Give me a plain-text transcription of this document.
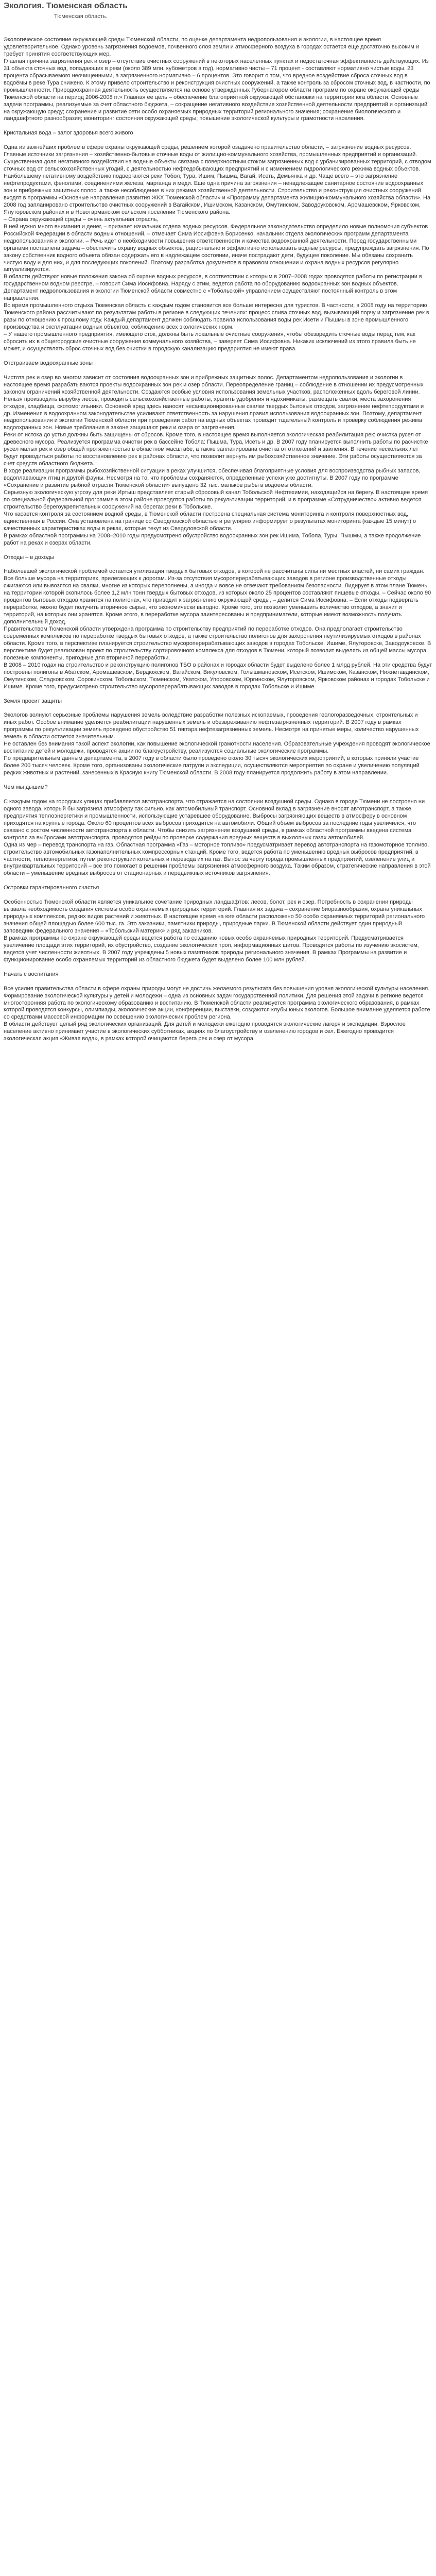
Экология. Тюменская область
Тюменская область.

Экологическое состояние окружающей среды Тюменской области, по оценке департамента недропользования и экологии, в настоящее время удовлетворительное. Однако уровень загрязнения водоемов, почвенного слоя земли и атмосферного воздуха в городах остается еще достаточно высоким и требует принятия соответствующих мер.
Главная причина загрязнения рек и озер – отсутствие очистных сооружений в некоторых населенных пунктах и недостаточная эффективность действующих. Из 31 объекта сточных вод, попадающих в реки (около 389 млн. кубометров в год), нормативно чисты – 71 процент - составляют нормативно чистые воды. 23 процента сбрасываемого неочищенными, а загрязненного нормативно – 6 процентов. Это говорит о том, что вредное воздействие сброса сточных вод в водоёмы в реке Тура снижено. К этому привело строительство и реконструкция очистных сооружений, а также контроль за сбросом сточных вод, в частности, по промышленности. Природоохранная деятельность осуществляется на основе утвержденных Губернатором области программ по охране окружающей среды Тюменской области на период 2006-2008 гг.» Главная ее цель – обеспечение благоприятной окружающей обстановки на территории юга области. Основные задачи программы, реализуемые за счет областного бюджета, – сокращение негативного воздействия хозяйственной деятельности предприятий и организаций на окружающую среду; сохранение и развитие сети особо охраняемых природных территорий регионального значения; сохранение биологического и ландшафтного разнообразия; мониторинг состояния окружающей среды; повышение экологической культуры и грамотности населения.

Кристальная вода – залог здоровья всего живого

Одна из важнейших проблем в сфере охраны окружающей среды, решением которой озадачено правительство области, – загрязнение водных ресурсов. Главные источники загрязнения – хозяйственно-бытовые сточные воды от жилищно-коммунального хозяйства, промышленных предприятий и организаций. Существенная доля негативного воздействия на водные объекты связана с поверхностным стоком загрязнённых вод с урбанизированных территорий, с отводом сточных вод от сельскохозяйственных угодий, с деятельностью нефтедобывающих предприятий и с изменением гидрологического режима водных объектов. Наибольшему негативному воздействию подвергаются реки Тобол, Тура, Ишим, Пышма, Вагай, Исеть, Демьянка и др. Чаще всего – это загрязнение нефтепродуктами, фенолами, соединениями железа, марганца и меди. Еще одна причина загрязнения – ненадлежащее санитарное состояние водоохранных зон и прибрежных защитных полос, а также несоблюдение в них режима хозяйственной деятельности. Строительство и реконструкция очистных сооружений входят в программы «Основные направления развития ЖКХ Тюменской области» и «Программу департамента жилищно-коммунального хозяйства области». На 2008 год запланировано строительство очистных сооружений в Вагайском, Ишимском, Казанском, Омутинском, Заводоуковском, Аромашевском, Ярковском, Ялуторовском районах и в Новотарманском сельском поселении Тюменского района.
– Охрана окружающей среды – очень актуальная отрасль,
В ней нужно много внимания и денег, – признает начальник отдела водных ресурсов. Федеральное законодательство определило новые полномочия субъектов Российской Федерации в области водных отношений, – отмечает Сима Иосифовна Борисенко, начальник отдела экологических программ департамента недропользования и экологии. – Речь идет о необходимости повышения ответственности и качества водоохранной деятельности. Перед государственными органами поставлена задача – обеспечить охрану водных объектов, рационально и эффективно использовать водные ресурсы, предупреждать загрязнения. По закону собственник водного объекта обязан содержать его в надлежащем состоянии, иначе пострадают дети, будущее поколение. Мы обязаны сохранить чистую воду и для них, и для последующих поколений. Поэтому разработка документов в правовом отношении и охрана водных ресурсов регулярно актуализируются.
В области действуют новые положения закона об охране водных ресурсов, в соответствии с которым в 2007–2008 годах проводятся работы по регистрации в государственном водном реестре, – говорит Сима Иосифовна. Наряду с этим, ведется работа по оборудованию водоохранных зон водных объектов. Департамент недропользования и экологии Тюменской области совместно с «Тобольской» управлением осуществляют постоянный контроль в этом направлении.
Во время промышленного отдыха Тюменская область с каждым годом становится все больше интересна для туристов. В частности, в 2008 году на территорию Тюменского района рассчитывают по результатам работы в регионе в следующих течениях: процесс слива сточных вод, вызывающий порчу и загрязнение рек в разы по отношению к прошлому году. Каждый департамент должен соблюдать правила использования воды рек Исети и Пышмы в зоне промышленного производства и эксплуатации водных объектов, соблюдению всех экологических норм.
– У нашего промышленного предприятия, имеющего сток, должны быть локальные очистные сооружения, чтобы обезвредить сточные воды перед тем, как сбросить их в общегородские очистные сооружения коммунального хозяйства, – заверяет Сима Иосифовна. Никаких исключений из этого правила быть не может, и осуществлять сброс сточных вод без очистки в городскую канализацию предприятия не имеют права.

Отстраиваем водоохранные зоны

Чистота рек и озер во многом зависит от состояния водоохранных зон и прибрежных защитных полос. Департаментом недропользования и экологии в настоящее время разрабатываются проекты водоохранных зон рек и озер области. Переопределение границ – соблюдение в отношении их предусмотренных законом ограничений хозяйственной деятельности. Создаются особые условия использования земельных участков, расположенных вдоль береговой линии. Нельзя производить вырубку лесов, проводить сельскохозяйственные работы, хранить удобрения и ядохимикаты, размещать свалки, места захоронения отходов, кладбища, скотомогильники. Основной вред здесь наносят несанкционированные свалки твердых бытовых отходов, загрязнение нефтепродуктами и др. Изменения в водоохранном законодательстве усиливают ответственность за нарушения правил использования водоохранных зон. Поэтому, департамент недропользования и экологии Тюменской области при проведении работ на водных объектах проводит тщательный контроль и проверку соблюдения режима водоохранных зон. Новые требования в законе защищают реки и озера от загрязнения.
Реки от истока до устья должны быть защищены от сбросов. Кроме того, в настоящее время выполняется экологическая реабилитация рек: очистка русел от древесного мусора. Реализуется программа очистки рек в бассейне Тобола: Пышма, Тура, Исеть и др. В 2007 году планируется выполнить работы по расчистке русел малых рек и озер общей протяженностью в областном масштабе, а также запланирована очистка от отложений и заиления. В течение нескольких лет будут проводиться работы по восстановлению рек в районах области, что позволит вернуть им рыбохозяйственное значение. Эти работы осуществляются за счет средств областного бюджета.
В ходе реализации программы рыбохозяйственной ситуации в реках улучшится, обеспечивая благоприятные условия для воспроизводства рыбных запасов, водоплавающих птиц и другой фауны. Несмотря на то, что проблемы сохраняются, определенные успехи уже достигнуты. В 2007 году по программе «Сохранение и развитие рыбной отрасли Тюменской области» выпущено 32 тыс. мальков рыбы в водоемы области.
Серьезную экологическую угрозу для реки Иртыш представляет старый сбросовый канал Тобольской Нефтехимии, находящийся на берегу. В настоящее время по специальной федеральной программе в этом районе проводятся работы по рекультивации территорий, и в программе «Сотрудничество» активно ведется строительство берегоукрепительных сооружений на берегах реки в Тобольске.
Что касается контроля за состоянием водной среды, в Тюменской области построена специальная система мониторинга и контроля поверхностных вод, единственная в России. Она установлена на границе со Свердловской областью и регулярно информирует о результатах мониторинга (каждые 15 минут) о качественных характеристиках воды в реках, которые текут из Свердловской области.
В рамках областной программы на 2008–2010 годы предусмотрено обустройство водоохранных зон рек Ишима, Тобола, Туры, Пышмы, а также продолжение работ на реках и озерах области.

Отходы – в доходы

Наболевшей экологической проблемой остается утилизация твердых бытовых отходов, в которой не рассчитаны силы ни местных властей, ни самих граждан. Все больше мусора на территориях, прилегающих к дорогам. Из-за отсутствия мусороперерабатывающих заводов в регионе производственные отходы сжигаются или вывозятся на свалки, многие из которых переполнены, а иногда и вовсе не отвечают требованиям безопасности. Лидирует в этом плане Тюмень, на территории которой скопилось более 1,2 млн тонн твердых бытовых отходов, из которых около 25 процентов составляют пищевые отходы. – Сейчас около 90 процентов бытовых отходов хранится на полигонах, что приводит к загрязнению окружающей среды, – делится Сима Иосифовна. – Если отходы подвергать переработке, можно будет получить вторичное сырье, что экономически выгодно. Кроме того, это позволит уменьшить количество отходов, а значит и территорий, на которых они хранятся. Кроме этого, в переработке мусора заинтересованы и предприниматели, которые имеют возможность получать дополнительный доход.
Правительством Тюменской области утверждена программа по строительству предприятий по переработке отходов. Она предполагает строительство современных комплексов по переработке твердых бытовых отходов, а также строительство полигонов для захоронения неутилизируемых отходов в районах области. Кроме того, в перспективе планируется строительство мусороперерабатывающих заводов в городах Тобольске, Ишиме, Ялуторовске, Заводоуковске. В перспективе будет реализован проект по строительству сортировочного комплекса для отходов в Тюмени, который позволит выделять из общей массы мусора полезные компоненты, пригодные для вторичной переработки.
В 2008 – 2010 годах на строительство и реконструкцию полигонов ТБО в районах и городах области будет выделено более 1 млрд рублей. На эти средства будут построены полигоны в Абатском, Аромашевском, Бердюжском, Вагайском, Викуловском, Голышмановском, Исетском, Ишимском, Казанском, Нижнетавдинском, Омутинском, Сладковском, Сорокинском, Тобольском, Тюменском, Уватском, Упоровском, Юргинском, Ялуторовском, Ярковском районах и городах Тобольске и Ишиме. Кроме того, предусмотрено строительство мусороперерабатывающих заводов в городах Тобольске и Ишиме.

Земля просит защиты

Экологов волнуют серьезные проблемы нарушения земель вследствие разработки полезных ископаемых, проведения геологоразведочных, строительных и иных работ. Особое внимание уделяется реабилитации нарушенных земель и обезвреживанию нефтезагрязненных территорий. В 2007 году в рамках программы по рекультивации земель проведено обустройство 51 гектара нефтезагрязненных земель. Несмотря на принятые меры, количество нарушенных земель в области остается значительным.
Не оставлен без внимания такой аспект экологии, как повышение экологической грамотности населения. Образовательные учреждения проводят экологическое воспитание детей и молодежи, проводятся акции по благоустройству, реализуются социальные экологические программы.
По предварительным данным департамента, в 2007 году в области было проведено около 30 тысяч экологических мероприятий, в которых приняли участие более 200 тысяч человек. Кроме того, организованы экологические патрули и экспедиции, осуществляются мероприятия по охране и увеличению популяций редких животных и растений, занесенных в Красную книгу Тюменской области. В 2008 году планируется продолжить работу в этом направлении.

Чем мы дышим?

С каждым годом на городских улицах прибавляется автотранспорта, что отражается на состоянии воздушной среды. Однако в городе Тюмени не построено ни одного завода, который бы загрязнял атмосферу так сильно, как автомобильный транспорт. Основной вклад в загрязнение вносят автотранспорт, а также предприятия теплоэнергетики и промышленности, использующие устаревшее оборудование. Выбросы загрязняющих веществ в атмосферу в основном приходятся на крупные города. Около 60 процентов всех выбросов приходится на автомобили. Общий объем выбросов за последние годы увеличился, что связано с ростом численности автотранспорта в области. Чтобы снизить загрязнение воздушной среды, в рамках областной программы введена система контроля за выбросами автотранспорта, проводятся рейды по проверке содержания вредных веществ в выхлопных газах автомобилей.
Одна из мер – перевод транспорта на газ. Областная программа «Газ – моторное топливо» предусматривает перевод автотранспорта на газомоторное топливо, строительство автомобильных газонаполнительных компрессорных станций. Кроме того, ведется работа по уменьшению вредных выбросов предприятий, в частности, теплоэнергетики, путем реконструкции котельных и перевода их на газ. Вынос за черту города промышленных предприятий, озеленение улиц и внутриквартальных территорий – все это помогает в решении проблемы загрязнения атмосферного воздуха. Таким образом, стратегические направления в этой области – уменьшение вредных выбросов от стационарных и передвижных источников загрязнения.

Островки гарантированного счастья

Особенностью Тюменской области является уникальное сочетание природных ландшафтов: лесов, болот, рек и озер. Потребность в сохранении природы вызвала необходимость создания системы особо охраняемых природных территорий. Главная их задача – сохранение биоразнообразия, охрана уникальных природных комплексов, редких видов растений и животных. В настоящее время на юге области расположено 50 особо охраняемых территорий регионального значения общей площадью более 600 тыс. га. Это заказники, памятники природы, природные парки. В Тюменской области действует один природный заповедник федерального значения – «Тобольский материк» и ряд заказников.
В рамках программы по охране окружающей среды ведется работа по созданию новых особо охраняемых природных территорий. Предусматривается увеличение площади этих территорий, их обустройство, создание экологических троп, информационных щитов. Проводятся работы по изучению экосистем, ведется учет численности животных. В 2007 году учреждены 5 новых памятников природы регионального значения. В рамках Программы на развитие и функционирование особо охраняемых территорий из областного бюджета будет выделено более 100 млн рублей.

Начать с воспитания

Все усилия правительства области в сфере охраны природы могут не достичь желаемого результата без повышения уровня экологической культуры населения. Формирование экологической культуры у детей и молодежи – одна из основных задач государственной политики. Для решения этой задачи в регионе ведется многосторонняя работа по экологическому образованию и воспитанию. В Тюменской области реализуется программа экологического образования, в рамках которой проводятся конкурсы, олимпиады, экологические акции, конференции, выставки, создаются клубы юных экологов. Большое внимание уделяется работе со средствами массовой информации по освещению экологических проблем региона.
В области действует целый ряд экологических организаций. Для детей и молодежи ежегодно проводятся экологические лагеря и экспедиции. Взрослое население активно принимает участие в экологических субботниках, акциях по благоустройству и озеленению городов и сел. Ежегодно проводится экологическая акция «Живая вода», в рамках которой очищаются берега рек и озер от мусора.
